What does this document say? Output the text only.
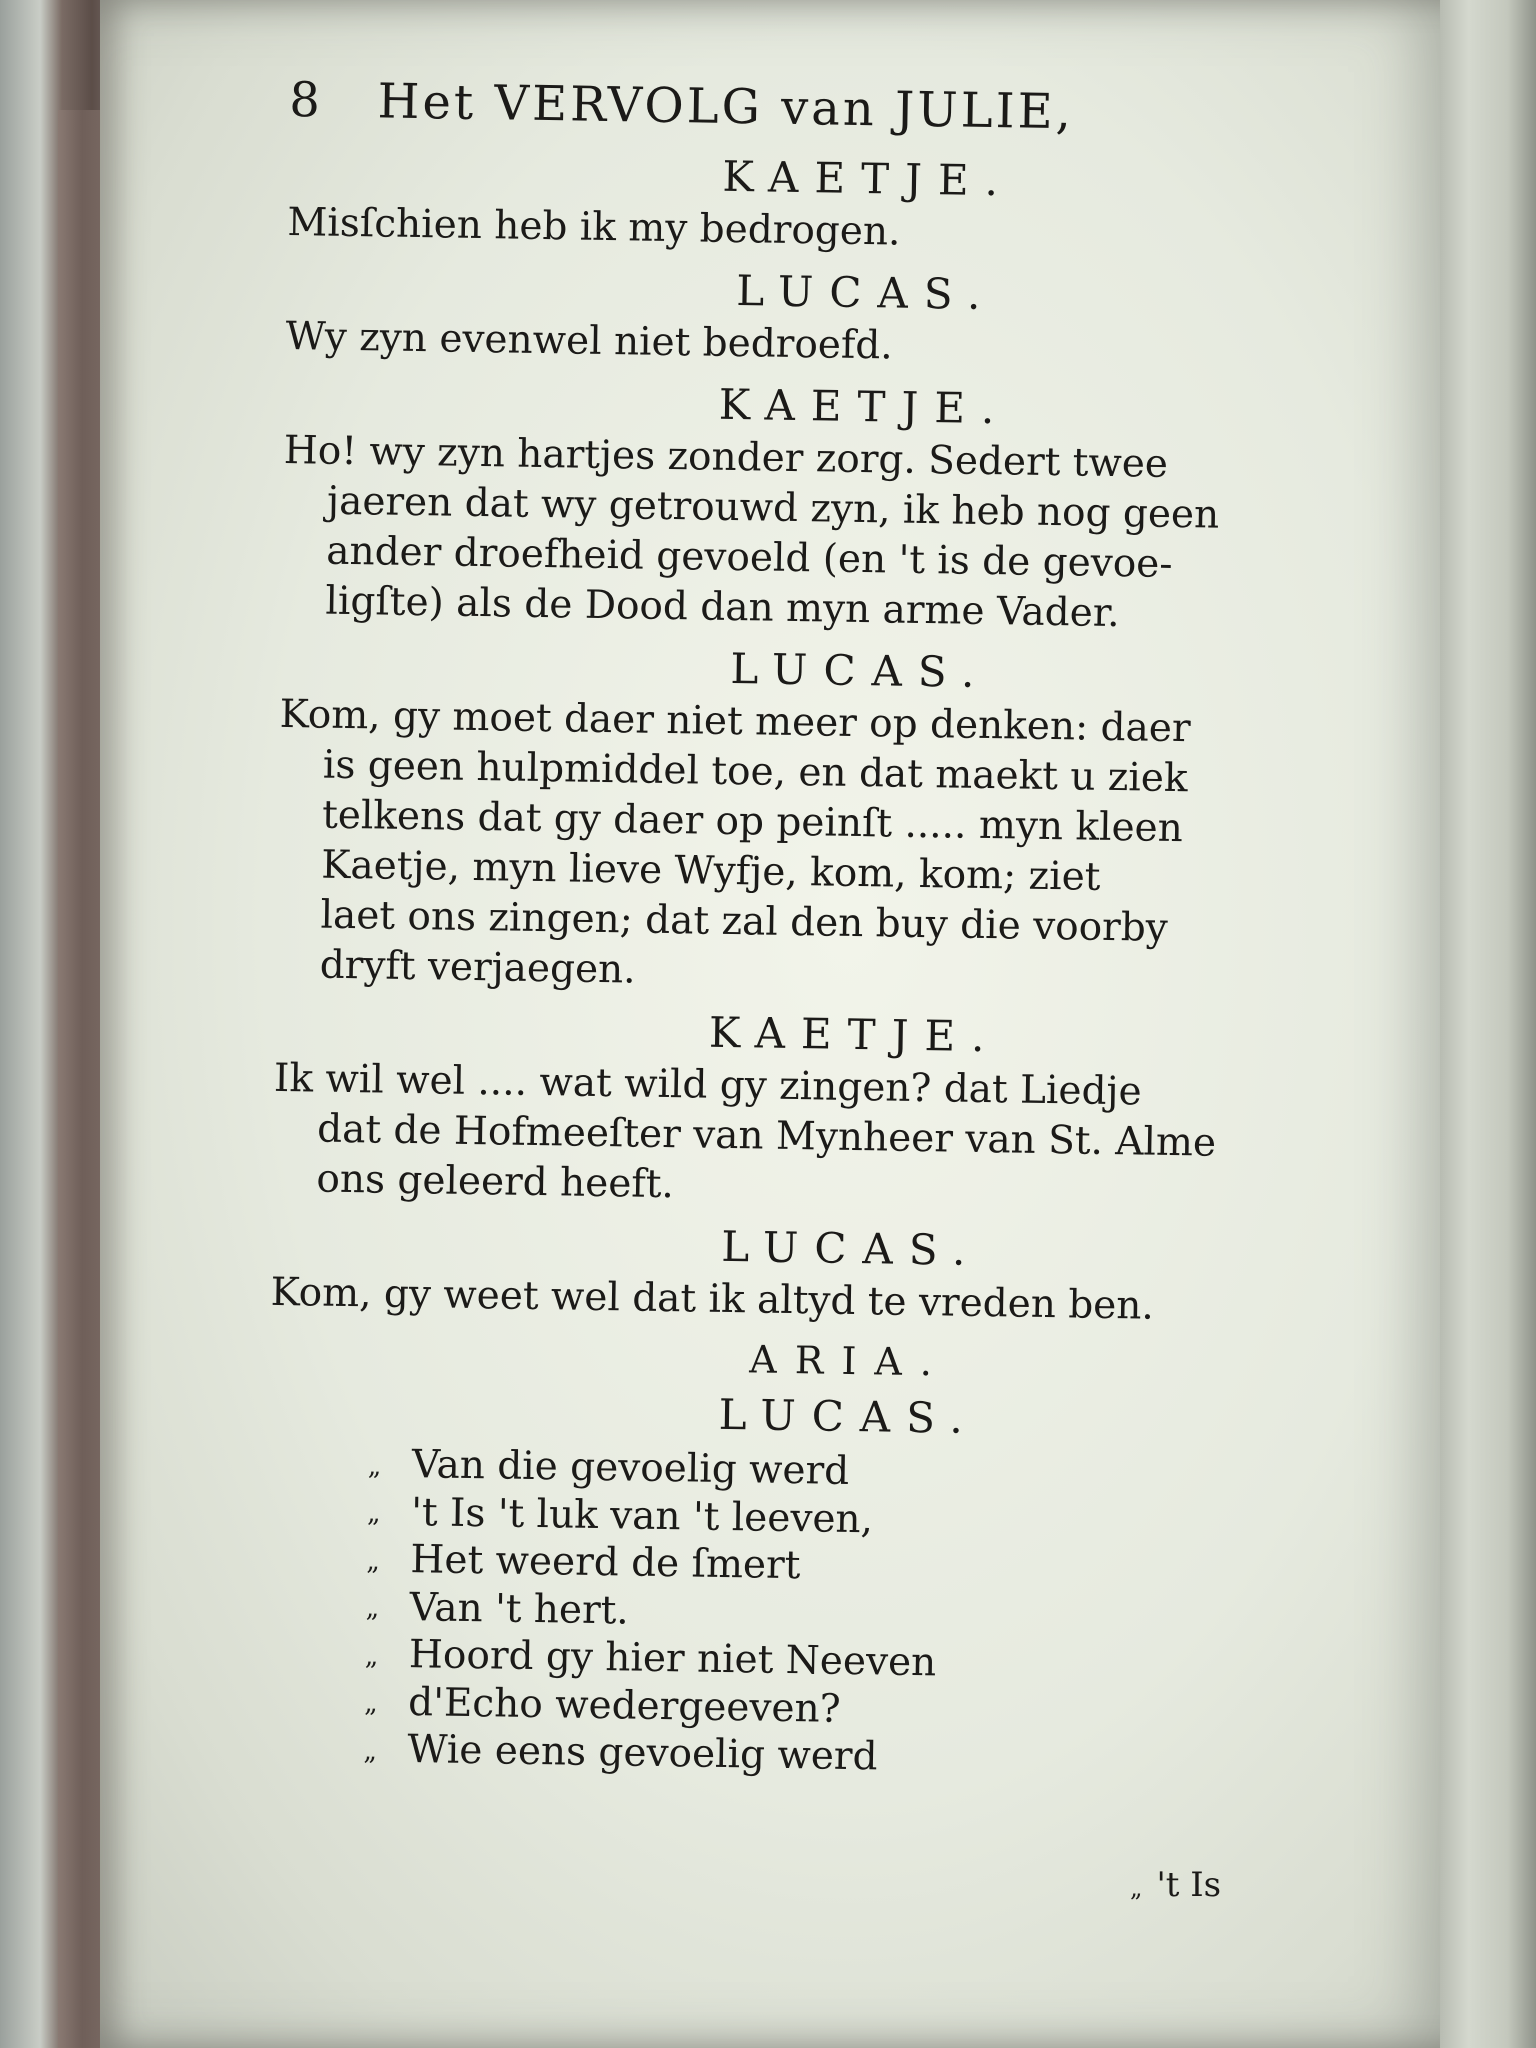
8 Het VERVOLG van JULIE,
KAETJE.
Misſchien heb ik my bedrogen.
LUCAS.
Wy zyn evenwel niet bedroefd.
KAETJE.
Ho! wy zyn hartjes zonder zorg. Sedert twee
jaeren dat wy getrouwd zyn, ik heb nog geen
ander droefheid gevoeld (en 't is de gevoe-
ligſte) als de Dood dan myn arme Vader.
LUCAS.
Kom, gy moet daer niet meer op denken: daer
is geen hulpmiddel toe, en dat maekt u ziek
telkens dat gy daer op peinſt ..... myn kleen
Kaetje, myn lieve Wyfje, kom, kom; ziet
laet ons zingen; dat zal den buy die voorby
dryft verjaegen.
KAETJE.
Ik wil wel .... wat wild gy zingen? dat Liedje
dat de Hofmeeſter van Mynheer van St. Alme
ons geleerd heeft.
LUCAS.
Kom, gy weet wel dat ik altyd te vreden ben.
ARIA.
LUCAS.
„ Van die gevoelig werd
„ 't Is 't luk van 't leeven,
„ Het weerd de ſmert
„ Van 't hert.
„ Hoord gy hier niet Neeven
„ d'Echo wedergeeven?
„ Wie eens gevoelig werd
„ 't Is
